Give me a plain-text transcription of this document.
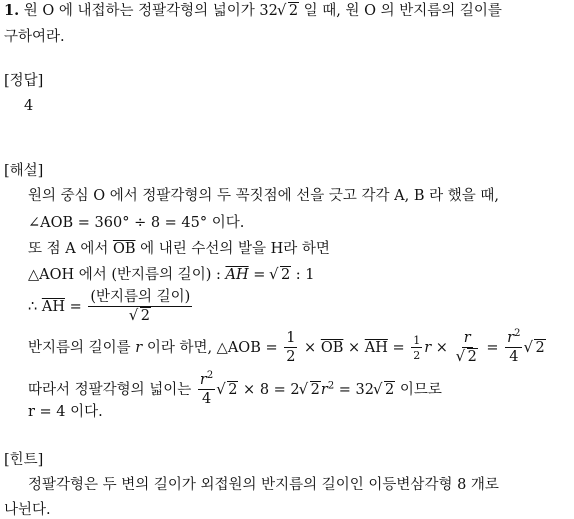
1. 원 O 에 내접하는 정팔각형의 넓이가 32 √ 2 일 때, 원 O 의 반지름의 길이를
구하여라.
[정답]
4
[해설]
원의 중심 O 에서 정팔각형의 두 꼭짓점에 선을 긋고 각각 A, B 라 했을 때,
∠AOB = 360° ÷ 8 = 45° 이다.
또 점 A 에서 $\overline{OB}$ 에 내린 수선의 발을 H라 하면
△AOH 에서 (반지름의 길이) : $\overline{AH}$ = √ 2 : 1
∴ $\overline{AH}$ = (반지름의 길이)
√ 2
반지름의 길이를 r 이라 하면, △AOB = $\frac{1}{2} \times \overline{OB} \times \overline{AH} = \frac{1}{2}$ r × r
√ $2 = \frac{r^2}{4}$ √ 2
따라서 정팔각형의 넓이는 $\frac{r^2}{4}$ √ 2 × 8 = 2 √ $2r^2 = 32$ √ 2 이므로
r = 4 이다.
[힌트]
정팔각형은 두 변의 길이가 외접원의 반지름의 길이인 이등변삼각형 8 개로
나뉜다.
